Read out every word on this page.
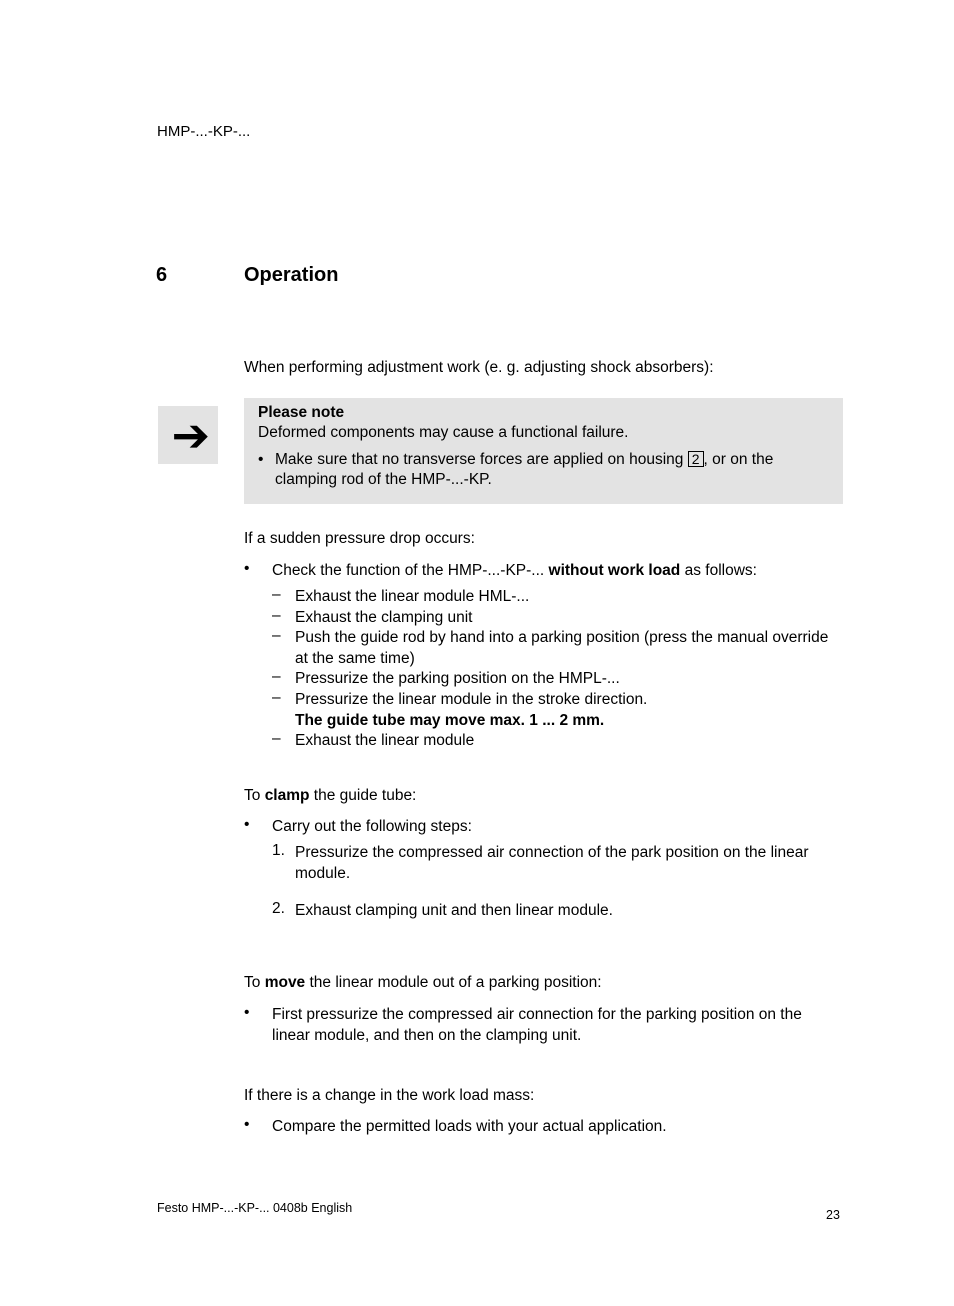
HMP-...-KP-...
6	Operation

When performing adjustment work (e. g. adjusting shock absorbers):

➔	Please note
Deformed components may cause a functional failure.
• Make sure that no transverse forces are applied on housing 2 , or on the clamping rod of the HMP-...-KP.

If a sudden pressure drop occurs:

• Check the function of the HMP-...-KP-... without work load as follows:
– Exhaust the linear module HML-...
– Exhaust the clamping unit
– Push the guide rod by hand into a parking position (press the manual override at the same time)
– Pressurize the parking position on the HMPL-...
– Pressurize the linear module in the stroke direction.
The guide tube may move max. 1 ... 2 mm.
– Exhaust the linear module

To clamp the guide tube:

• Carry out the following steps:
1. Pressurize the compressed air connection of the park position on the linear module.
2. Exhaust clamping unit and then linear module.

To move the linear module out of a parking position:

• First pressurize the compressed air connection for the parking position on the linear module, and then on the clamping unit.

If there is a change in the work load mass:

• Compare the permitted loads with your actual application.
Festo HMP-...-KP-... 0408b English	23
